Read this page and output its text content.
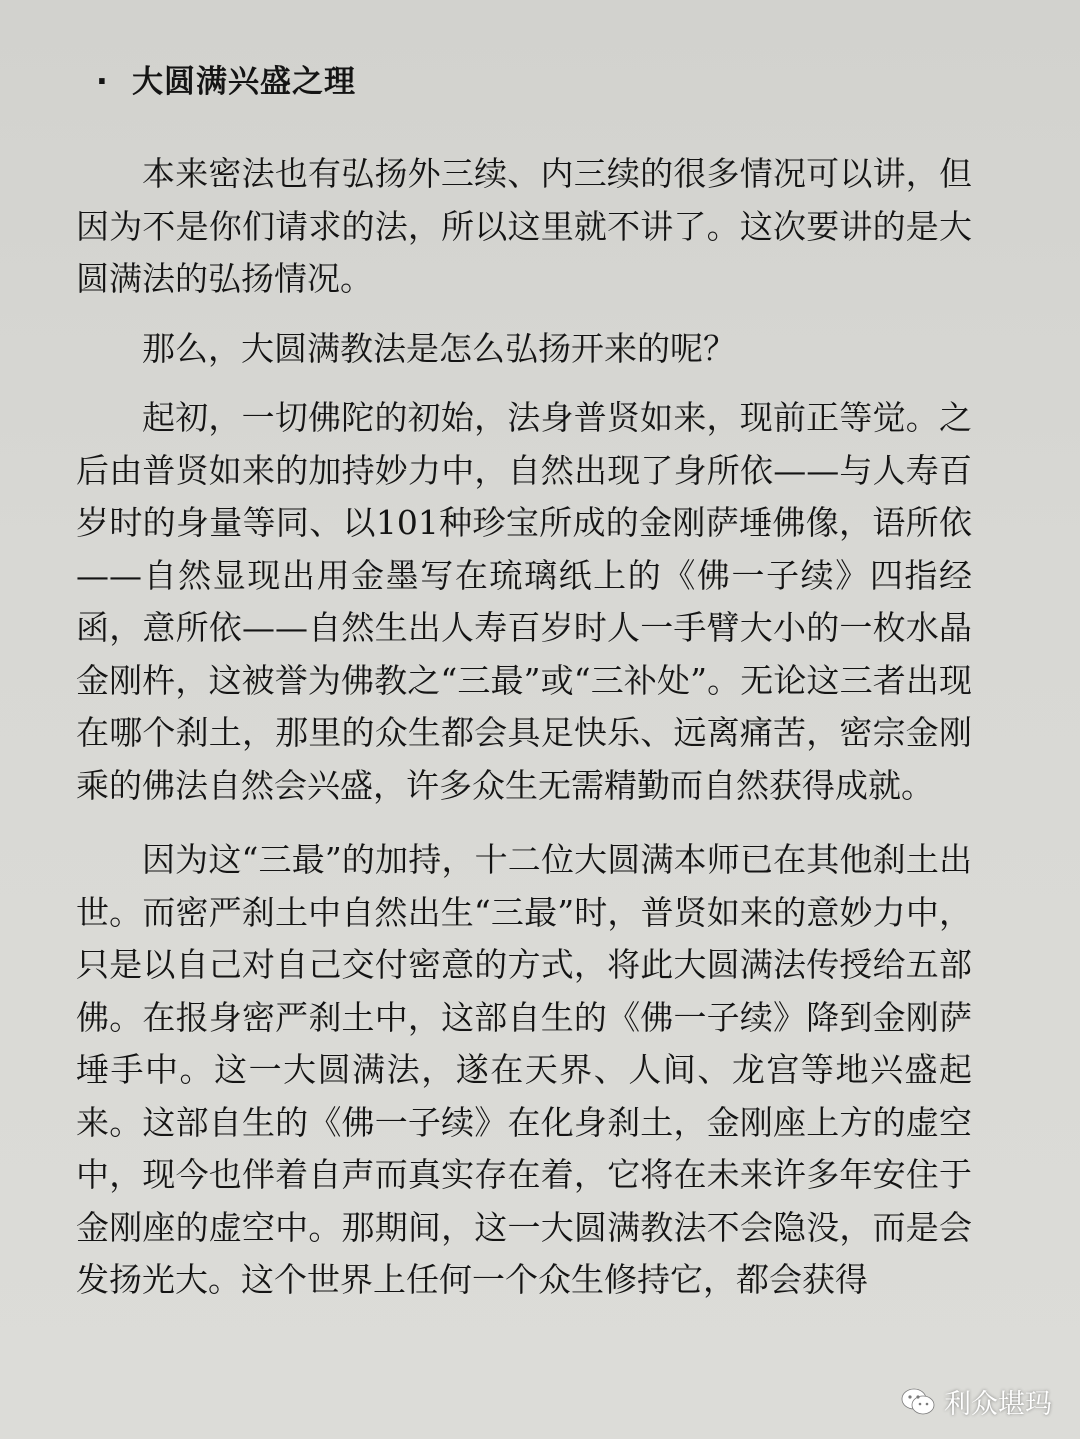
· 大圆满兴盛之理

本来密法也有弘扬外三续、内三续的很多情况可以讲，但因为不是你们请求的法，所以这里就不讲了。这次要讲的是大圆满法的弘扬情况。

那么，大圆满教法是怎么弘扬开来的呢？

起初，一切佛陀的初始，法身普贤如来，现前正等觉。之后由普贤如来的加持妙力中，自然出现了身所依——与人寿百岁时的身量等同、以101种珍宝所成的金刚萨埵佛像，语所依——自然显现出用金墨写在琉璃纸上的《佛一子续》四指经函，意所依——自然生出人寿百岁时人一手臂大小的一枚水晶金刚杵，这被誉为佛教之“三最”或“三补处”。无论这三者出现在哪个刹土，那里的众生都会具足快乐、远离痛苦，密宗金刚乘的佛法自然会兴盛，许多众生无需精勤而自然获得成就。

因为这“三最”的加持，十二位大圆满本师已在其他刹土出世。而密严刹土中自然出生“三最”时，普贤如来的意妙力中，只是以自己对自己交付密意的方式，将此大圆满法传授给五部佛。在报身密严刹土中，这部自生的《佛一子续》降到金刚萨埵手中。这一大圆满法，遂在天界、人间、龙宫等地兴盛起来。这部自生的《佛一子续》在化身刹土，金刚座上方的虚空中，现今也伴着自声而真实存在着，它将在未来许多年安住于金刚座的虚空中。那期间，这一大圆满教法不会隐没，而是会发扬光大。这个世界上任何一个众生修持它，都会获得

利众堪玛
